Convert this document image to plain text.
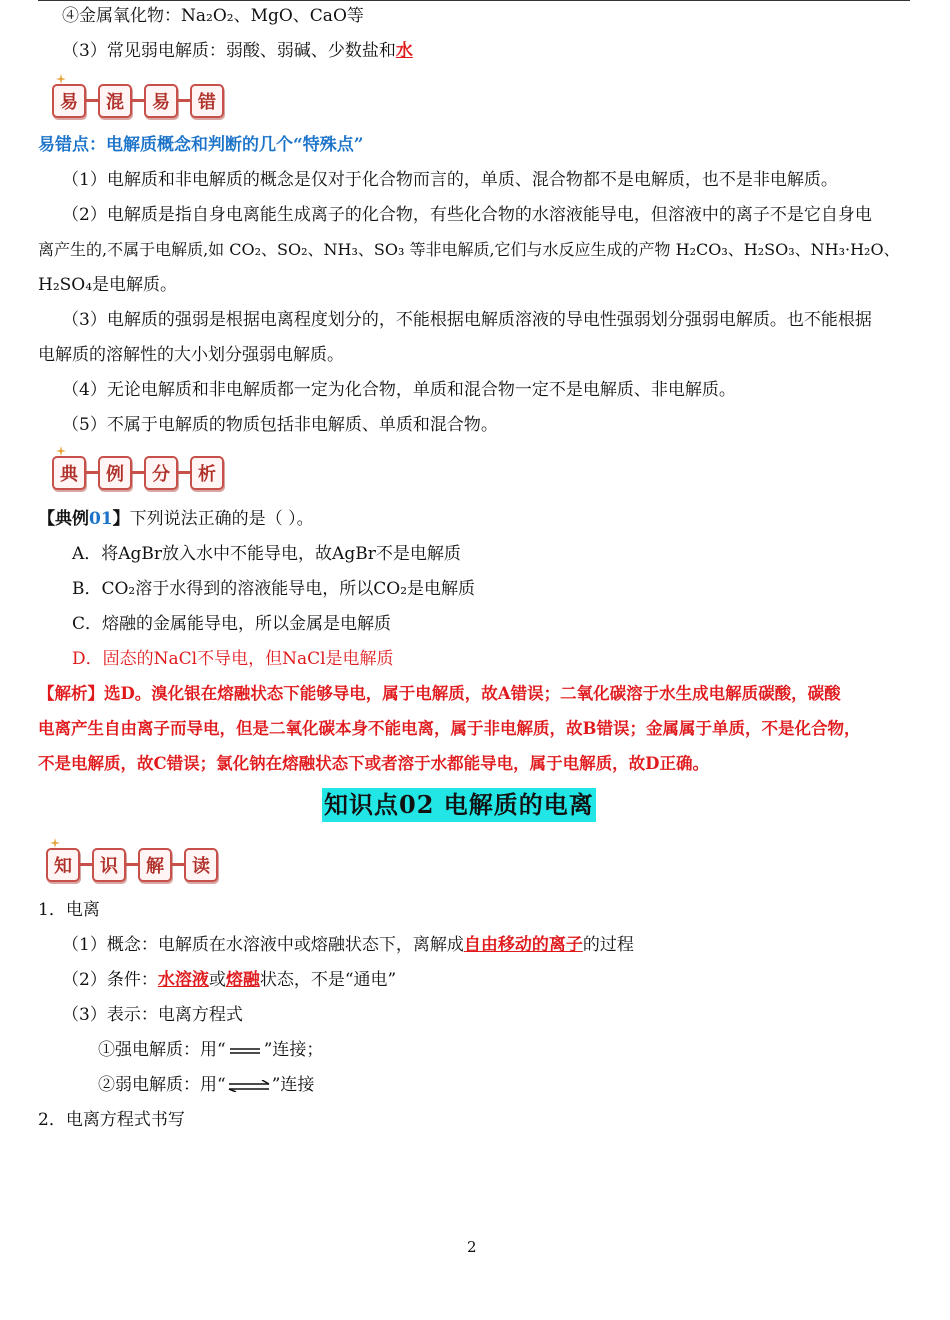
④金属氧化物：Na₂O₂、MgO、CaO等
（3）常见弱电解质：弱酸、弱碱、少数盐和水
易	混	易	错
易错点：电解质概念和判断的几个“特殊点”
（1）电解质和非电解质的概念是仅对于化合物而言的，单质、混合物都不是电解质，也不是非电解质。
（2）电解质是指自身电离能生成离子的化合物，有些化合物的水溶液能导电，但溶液中的离子不是它自身电
离产生的,不属于电解质,如 CO₂、SO₂、NH₃、SO₃ 等非电解质,它们与水反应生成的产物 H₂CO₃、H₂SO₃、NH₃·H₂O、
H₂SO₄是电解质。
（3）电解质的强弱是根据电离程度划分的，不能根据电解质溶液的导电性强弱划分强弱电解质。也不能根据
电解质的溶解性的大小划分强弱电解质。
（4）无论电解质和非电解质都一定为化合物，单质和混合物一定不是电解质、非电解质。
（5）不属于电解质的物质包括非电解质、单质和混合物。
典	例	分	析
【典例01】下列说法正确的是（ ）。
A．将AgBr放入水中不能导电，故AgBr不是电解质
B．CO₂溶于水得到的溶液能导电，所以CO₂是电解质
C．熔融的金属能导电，所以金属是电解质
D．固态的NaCl不导电，但NaCl是电解质
【解析】选D。溴化银在熔融状态下能够导电，属于电解质，故A错误；二氧化碳溶于水生成电解质碳酸，碳酸
电离产生自由离子而导电，但是二氧化碳本身不能电离，属于非电解质，故B错误；金属属于单质，不是化合物，
不是电解质，故C错误；氯化钠在熔融状态下或者溶于水都能导电，属于电解质，故D正确。
知识点02 电解质的电离
知	识	解	读
1．电离
（1）概念：电解质在水溶液中或熔融状态下，离解成自由移动的离子的过程
（2）条件：水溶液或熔融状态，不是“通电”
（3）表示：电离方程式
①强电解质：用“ ”连接；
②弱电解质：用“⇌”连接
2．电离方程式书写
2
